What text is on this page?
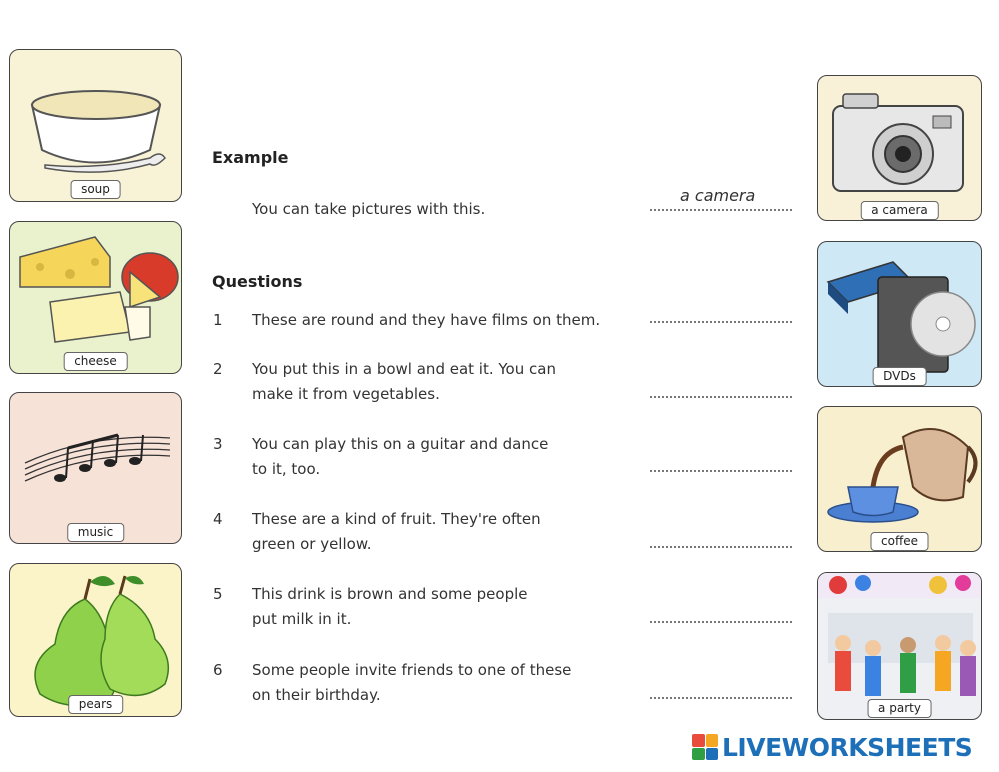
soup
cheese
music
pears
a camera
DVDs
coffee
a party
Example
You can take pictures with this.
a camera
Questions
1 These are round and they have films on them.
2 You put this in a bowl and eat it. You can
make it from vegetables.
3 You can play this on a guitar and dance
to it, too.
4 These are a kind of fruit. They're often
green or yellow.
5 This drink is brown and some people
put milk in it.
6 Some people invite friends to one of these
on their birthday.
LIVEWORKSHEETS
